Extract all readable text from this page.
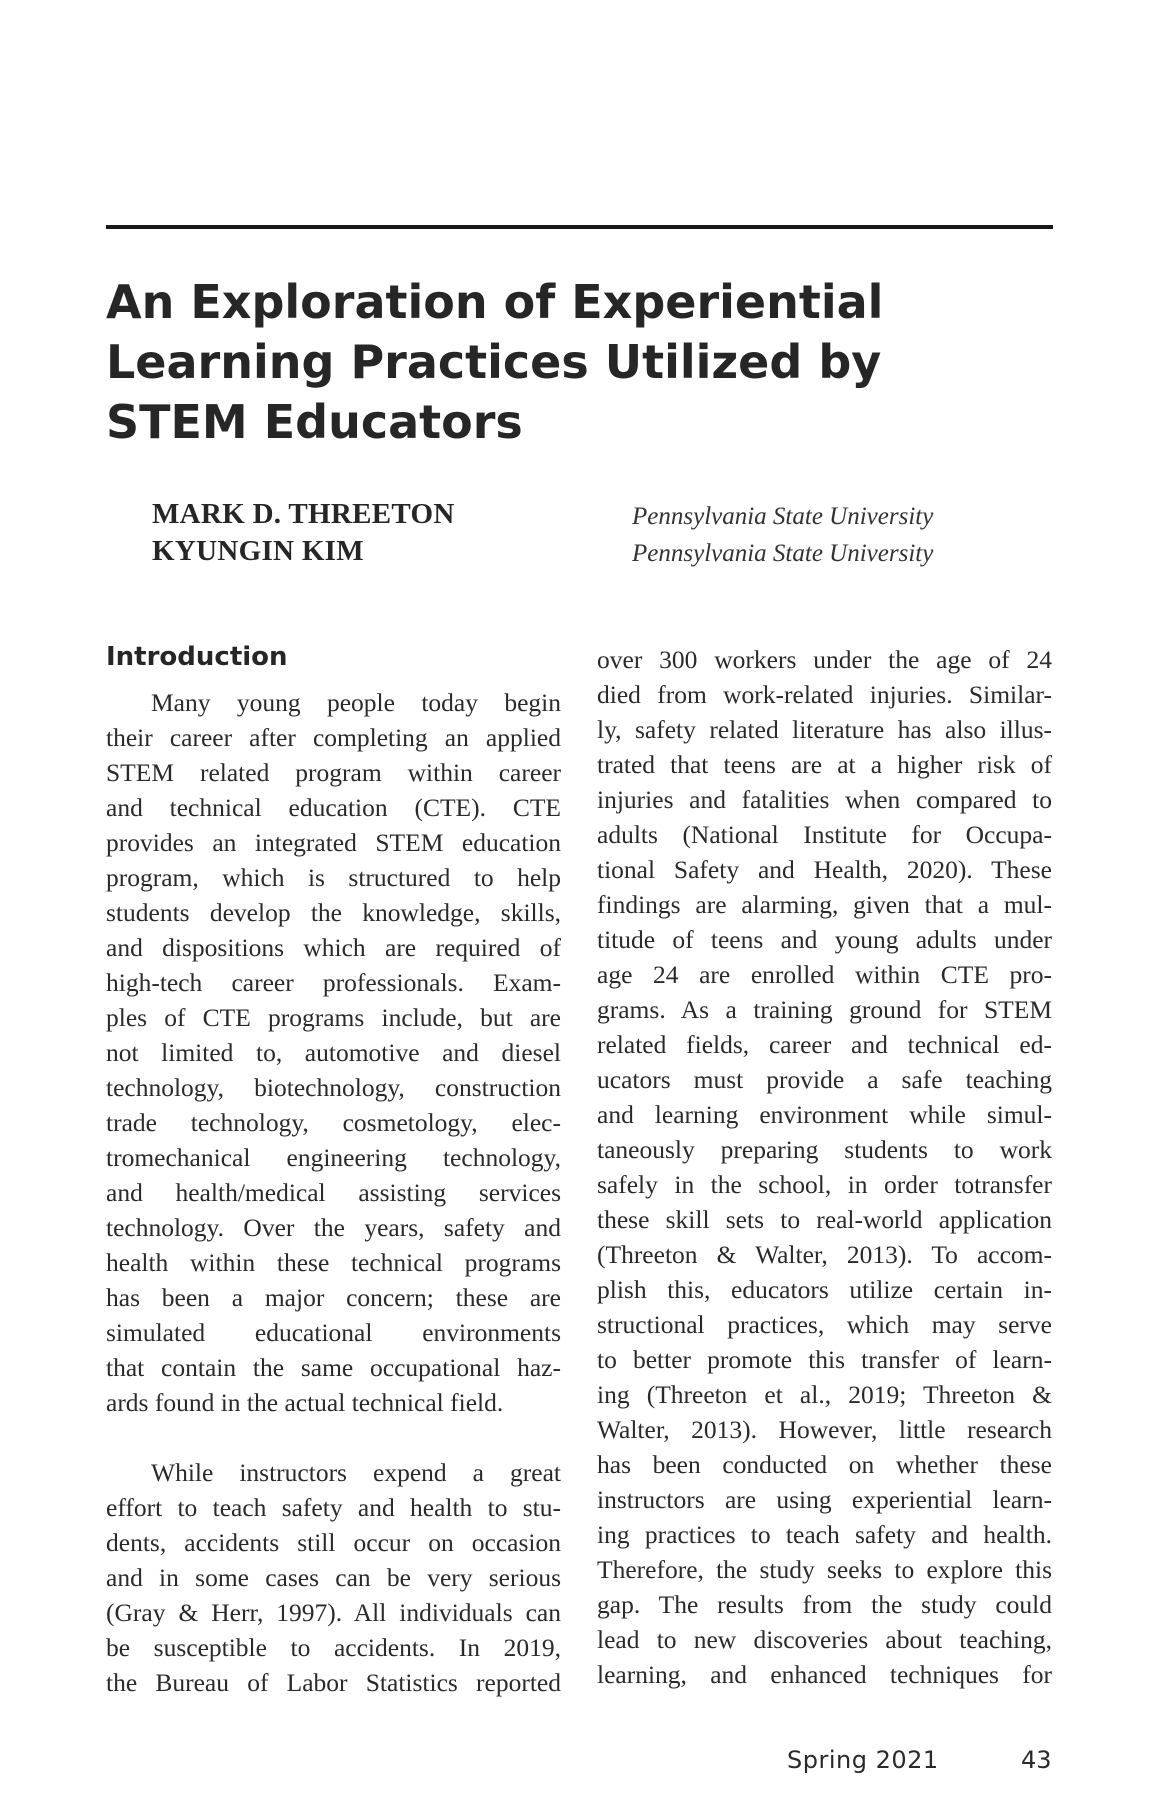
An Exploration of Experiential
Learning Practices Utilized by
STEM Educators
MARK D. THREETON
KYUNGIN KIM
Pennsylvania State University
Pennsylvania State University
Introduction
Many young people today begin
their career after completing an applied
STEM related program within career
and technical education (CTE). CTE
provides an integrated STEM education
program, which is structured to help
students develop the knowledge, skills,
and dispositions which are required of
high-tech career professionals. Exam-
ples of CTE programs include, but are
not limited to, automotive and diesel
technology, biotechnology, construction
trade technology, cosmetology, elec-
tromechanical engineering technology,
and health/medical assisting services
technology. Over the years, safety and
health within these technical programs
has been a major concern; these are
simulated educational environments
that contain the same occupational haz-
ards found in the actual technical field.
While instructors expend a great
effort to teach safety and health to stu-
dents, accidents still occur on occasion
and in some cases can be very serious
(Gray & Herr, 1997). All individuals can
be susceptible to accidents. In 2019,
the Bureau of Labor Statistics reported
over 300 workers under the age of 24
died from work-related injuries. Similar-
ly, safety related literature has also illus-
trated that teens are at a higher risk of
injuries and fatalities when compared to
adults (National Institute for Occupa-
tional Safety and Health, 2020). These
findings are alarming, given that a mul-
titude of teens and young adults under
age 24 are enrolled within CTE pro-
grams. As a training ground for STEM
related fields, career and technical ed-
ucators must provide a safe teaching
and learning environment while simul-
taneously preparing students to work
safely in the school, in order totransfer
these skill sets to real-world application
(Threeton & Walter, 2013). To accom-
plish this, educators utilize certain in-
structional practices, which may serve
to better promote this transfer of learn-
ing (Threeton et al., 2019; Threeton &
Walter, 2013). However, little research
has been conducted on whether these
instructors are using experiential learn-
ing practices to teach safety and health.
Therefore, the study seeks to explore this
gap. The results from the study could
lead to new discoveries about teaching,
learning, and enhanced techniques for
Spring 2021	43
